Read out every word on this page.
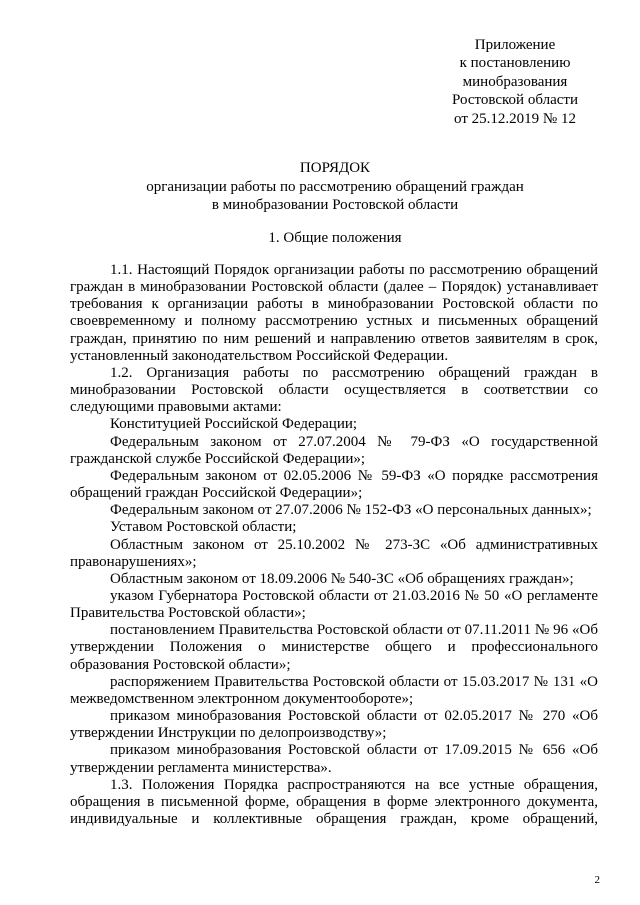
Приложение
к постановлению
минобразования
Ростовской области
от 25.12.2019 № 12
ПОРЯДОК
организации работы по рассмотрению обращений граждан
в минобразовании Ростовской области
1. Общие положения

1.1. Настоящий Порядок организации работы по рассмотрению обращений граждан в минобразовании Ростовской области (далее – Порядок) устанавливает требования к организации работы в минобразовании Ростовской области по своевременному и полному рассмотрению устных и письменных обращений граждан, принятию по ним решений и направлению ответов заявителям в срок, установленный законодательством Российской Федерации.

1.2. Организация работы по рассмотрению обращений граждан в минобразовании Ростовской области осуществляется в соответствии со следующими правовыми актами:

Конституцией Российской Федерации;

Федеральным законом от 27.07.2004 № 79-ФЗ «О государственной гражданской службе Российской Федерации»;

Федеральным законом от 02.05.2006 № 59-ФЗ «О порядке рассмотрения обращений граждан Российской Федерации»;

Федеральным законом от 27.07.2006 № 152-ФЗ «О персональных данных»;

Уставом Ростовской области;

Областным законом от 25.10.2002 № 273-ЗС «Об административных правонарушениях»;

Областным законом от 18.09.2006 № 540-ЗС «Об обращениях граждан»;

указом Губернатора Ростовской области от 21.03.2016 № 50 «О регламенте Правительства Ростовской области»;

постановлением Правительства Ростовской области от 07.11.2011 № 96 «Об утверждении Положения о министерстве общего и профессионального образования Ростовской области»;

распоряжением Правительства Ростовской области от 15.03.2017 № 131 «О межведомственном электронном документообороте»;

приказом минобразования Ростовской области от 02.05.2017 № 270 «Об утверждении Инструкции по делопроизводству»;

приказом минобразования Ростовской области от 17.09.2015 № 656 «Об утверждении регламента министерства».

1.3. Положения Порядка распространяются на все устные обращения, обращения в письменной форме, обращения в форме электронного документа, индивидуальные и коллективные обращения граждан, кроме обращений,

2
